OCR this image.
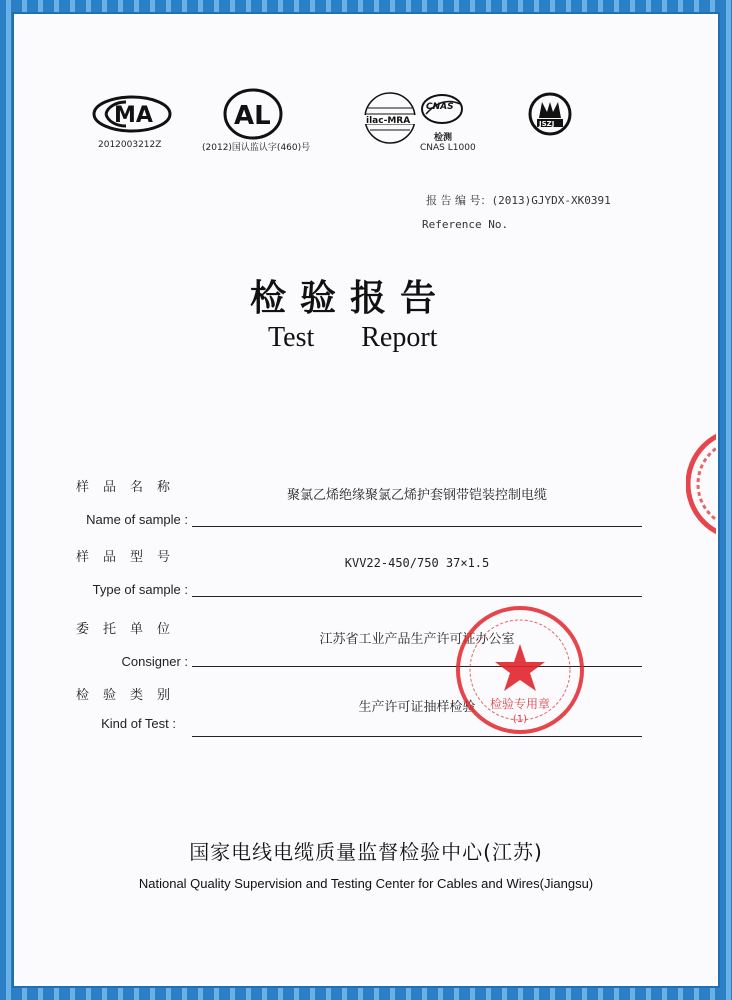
MA
2012003212Z
AL
(2012)国认监认字(460)号
ilac-MRA
CNAS
检测
CNAS L1000
JSZJ
报 告 编 号：(2013)GJYDX-XK0391
Reference No.
检验报告
Test Report
样品名称
聚氯乙烯绝缘聚氯乙烯护套钢带铠装控制电缆
Name of sample :
样品型号	KVV22-450/750 37×1.5
Type of sample :
委托单位
江苏省工业产品生产许可证办公室
Consigner :
检验类别
生产许可证抽样检验
Kind of Test :
检验专用章
(1)
国家电线电缆质量监督检验中心(江苏)
National Quality Supervision and Testing Center for Cables and Wires(Jiangsu)
